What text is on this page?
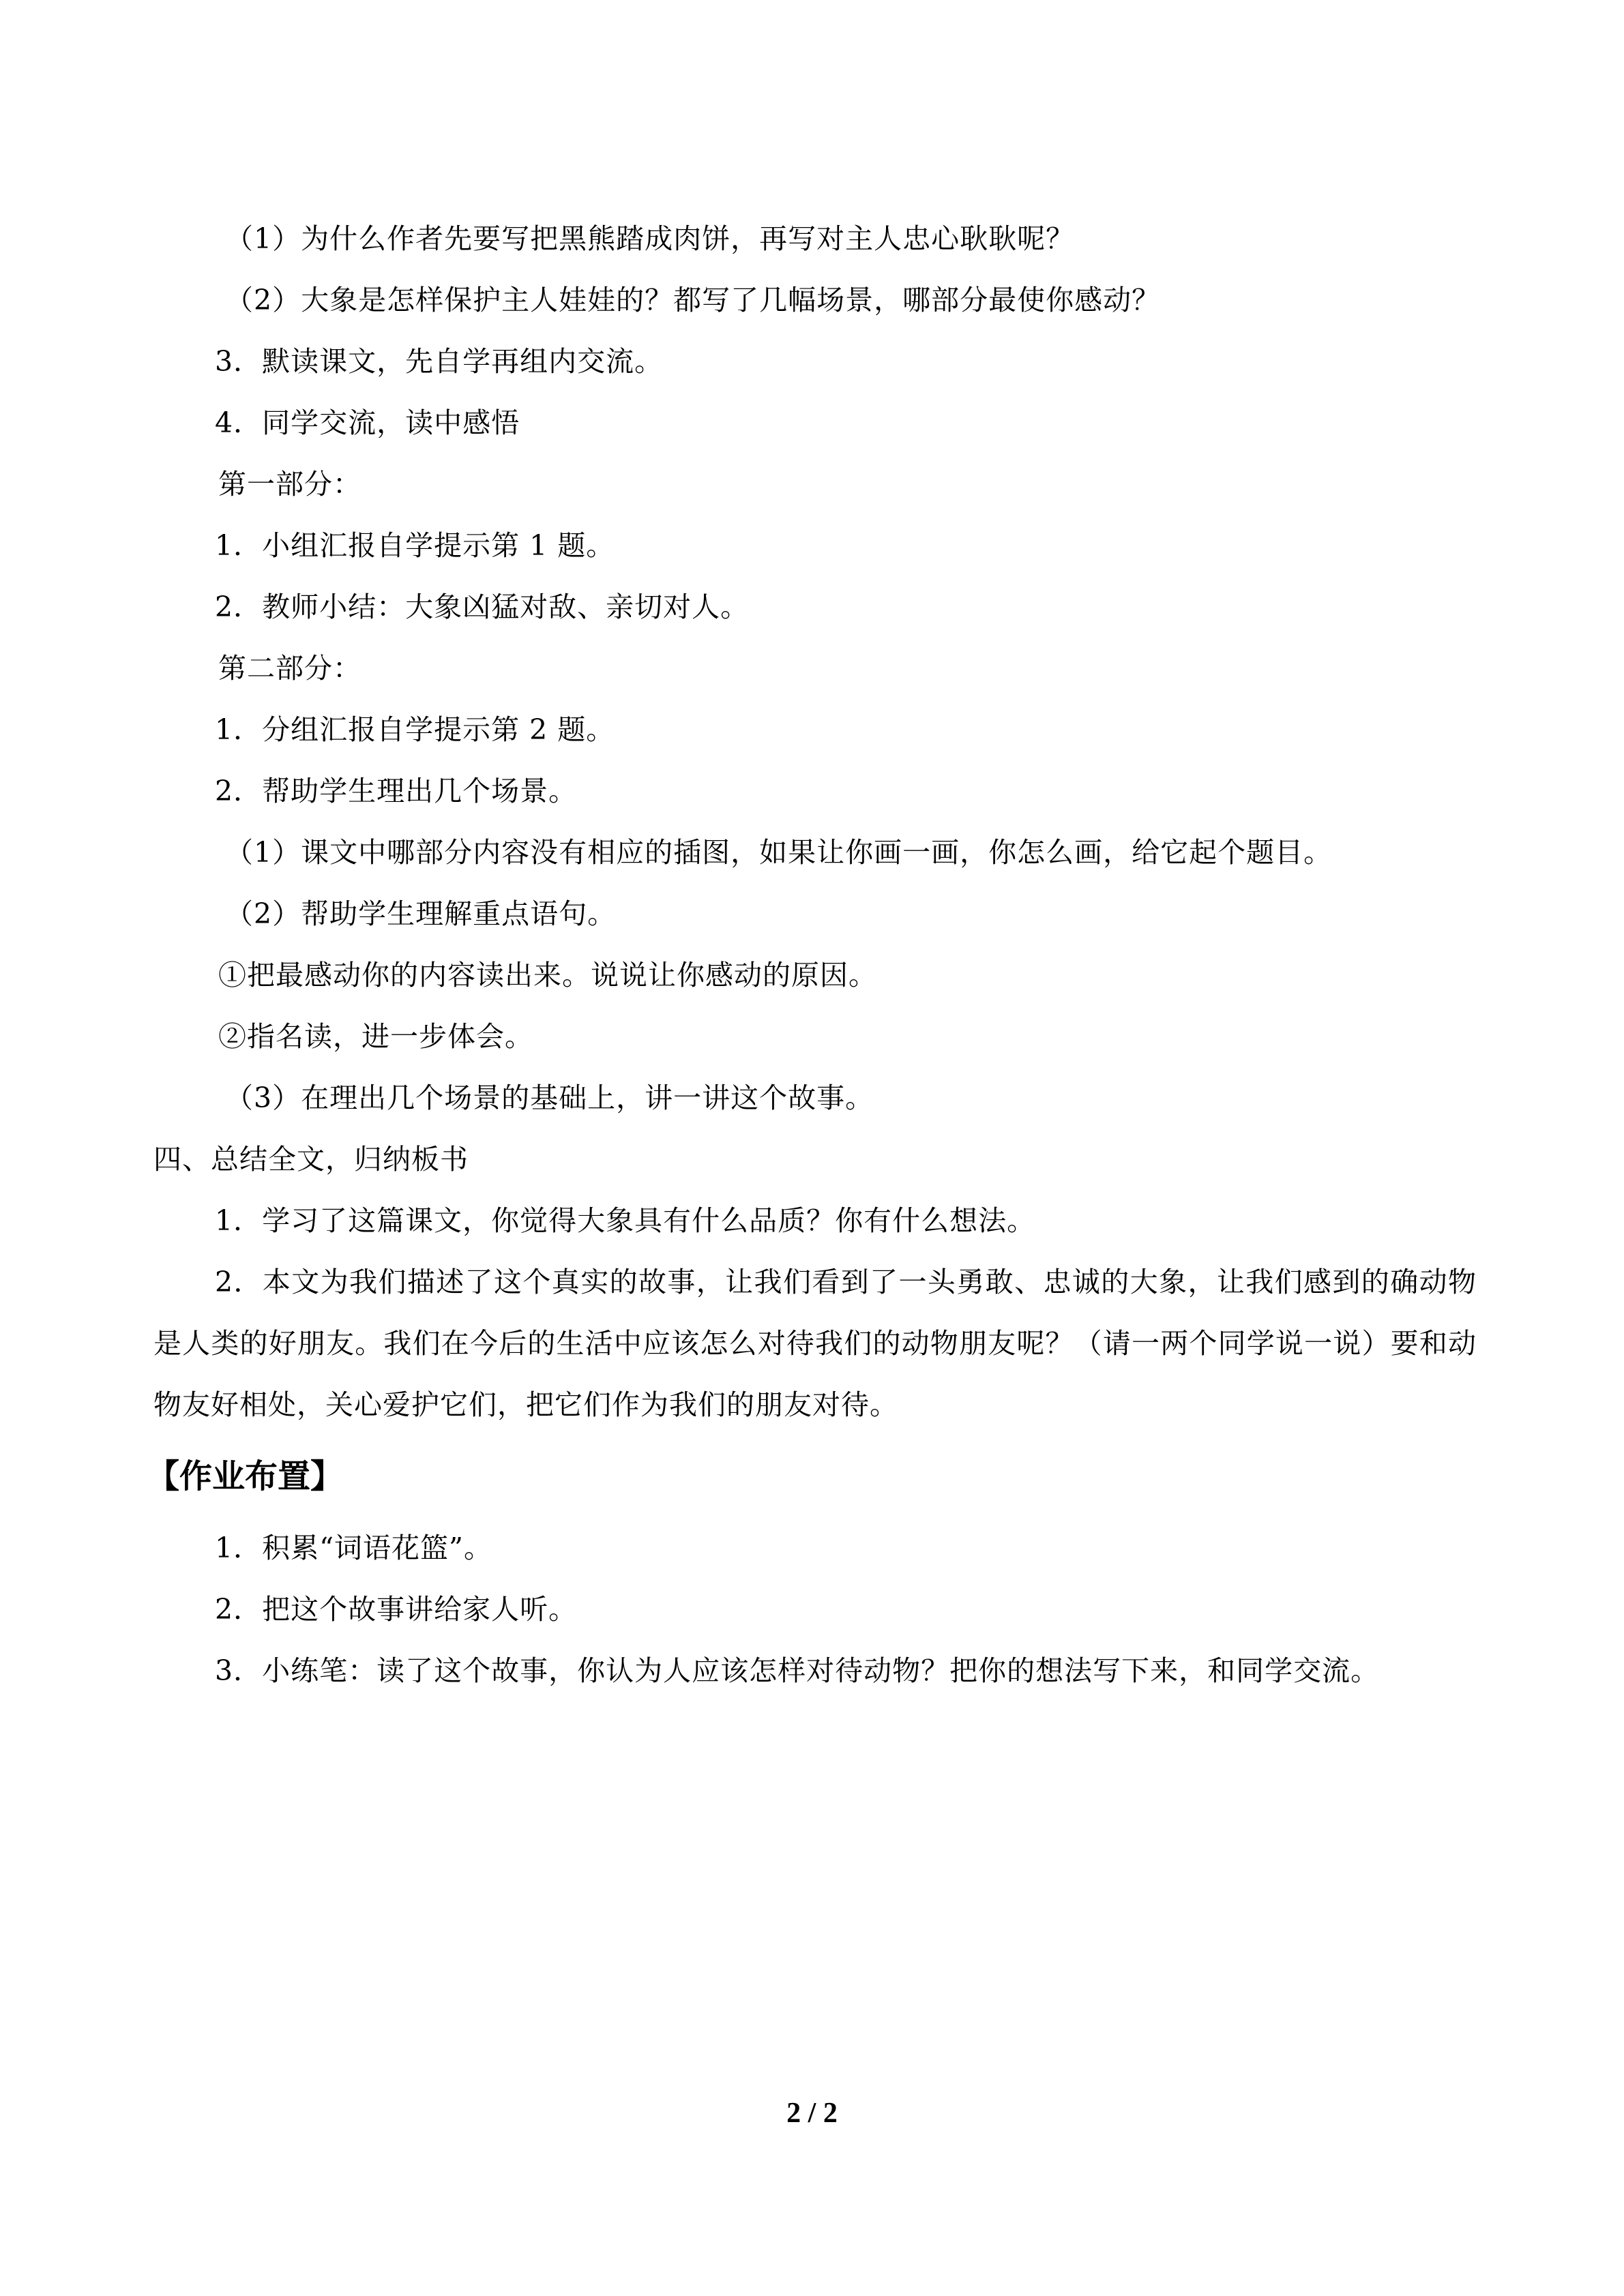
（1）为什么作者先要写把黑熊踏成肉饼，再写对主人忠心耿耿呢？
（2）大象是怎样保护主人娃娃的？都写了几幅场景，哪部分最使你感动？
3．默读课文，先自学再组内交流。
4．同学交流，读中感悟
第一部分：
1．小组汇报自学提示第 1 题。
2．教师小结：大象凶猛对敌、亲切对人。
第二部分：
1．分组汇报自学提示第 2 题。
2．帮助学生理出几个场景。
（1）课文中哪部分内容没有相应的插图，如果让你画一画，你怎么画，给它起个题目。
（2）帮助学生理解重点语句。
①把最感动你的内容读出来。说说让你感动的原因。
②指名读，进一步体会。
（3）在理出几个场景的基础上，讲一讲这个故事。
四、总结全文，归纳板书
1．学习了这篇课文，你觉得大象具有什么品质？你有什么想法。
2．本文为我们描述了这个真实的故事，让我们看到了一头勇敢、忠诚的大象，让我们感到的确动物是人类的好朋友。我们在今后的生活中应该怎么对待我们的动物朋友呢？（请一两个同学说一说）要和动物友好相处，关心爱护它们，把它们作为我们的朋友对待。
【作业布置】
1．积累“词语花篮”。
2．把这个故事讲给家人听。
3．小练笔：读了这个故事，你认为人应该怎样对待动物？把你的想法写下来，和同学交流。
2 / 2
